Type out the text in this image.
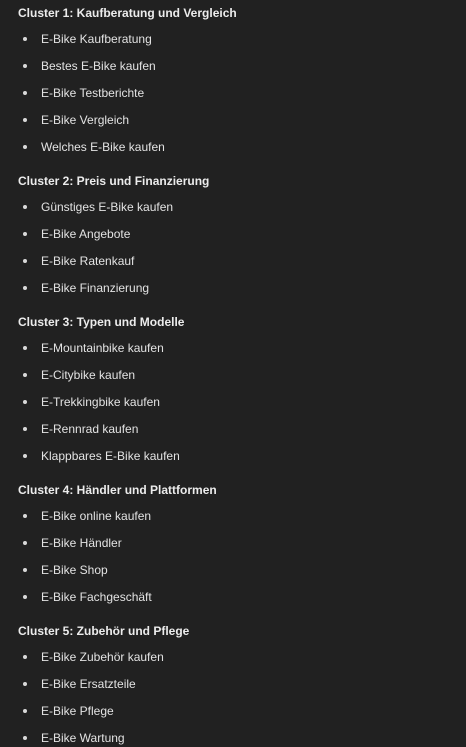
Cluster 1: Kaufberatung und Vergleich
E-Bike Kaufberatung
Bestes E-Bike kaufen
E-Bike Testberichte
E-Bike Vergleich
Welches E-Bike kaufen
Cluster 2: Preis und Finanzierung
Günstiges E-Bike kaufen
E-Bike Angebote
E-Bike Ratenkauf
E-Bike Finanzierung
Cluster 3: Typen und Modelle
E-Mountainbike kaufen
E-Citybike kaufen
E-Trekkingbike kaufen
E-Rennrad kaufen
Klappbares E-Bike kaufen
Cluster 4: Händler und Plattformen
E-Bike online kaufen
E-Bike Händler
E-Bike Shop
E-Bike Fachgeschäft
Cluster 5: Zubehör und Pflege
E-Bike Zubehör kaufen
E-Bike Ersatzteile
E-Bike Pflege
E-Bike Wartung
